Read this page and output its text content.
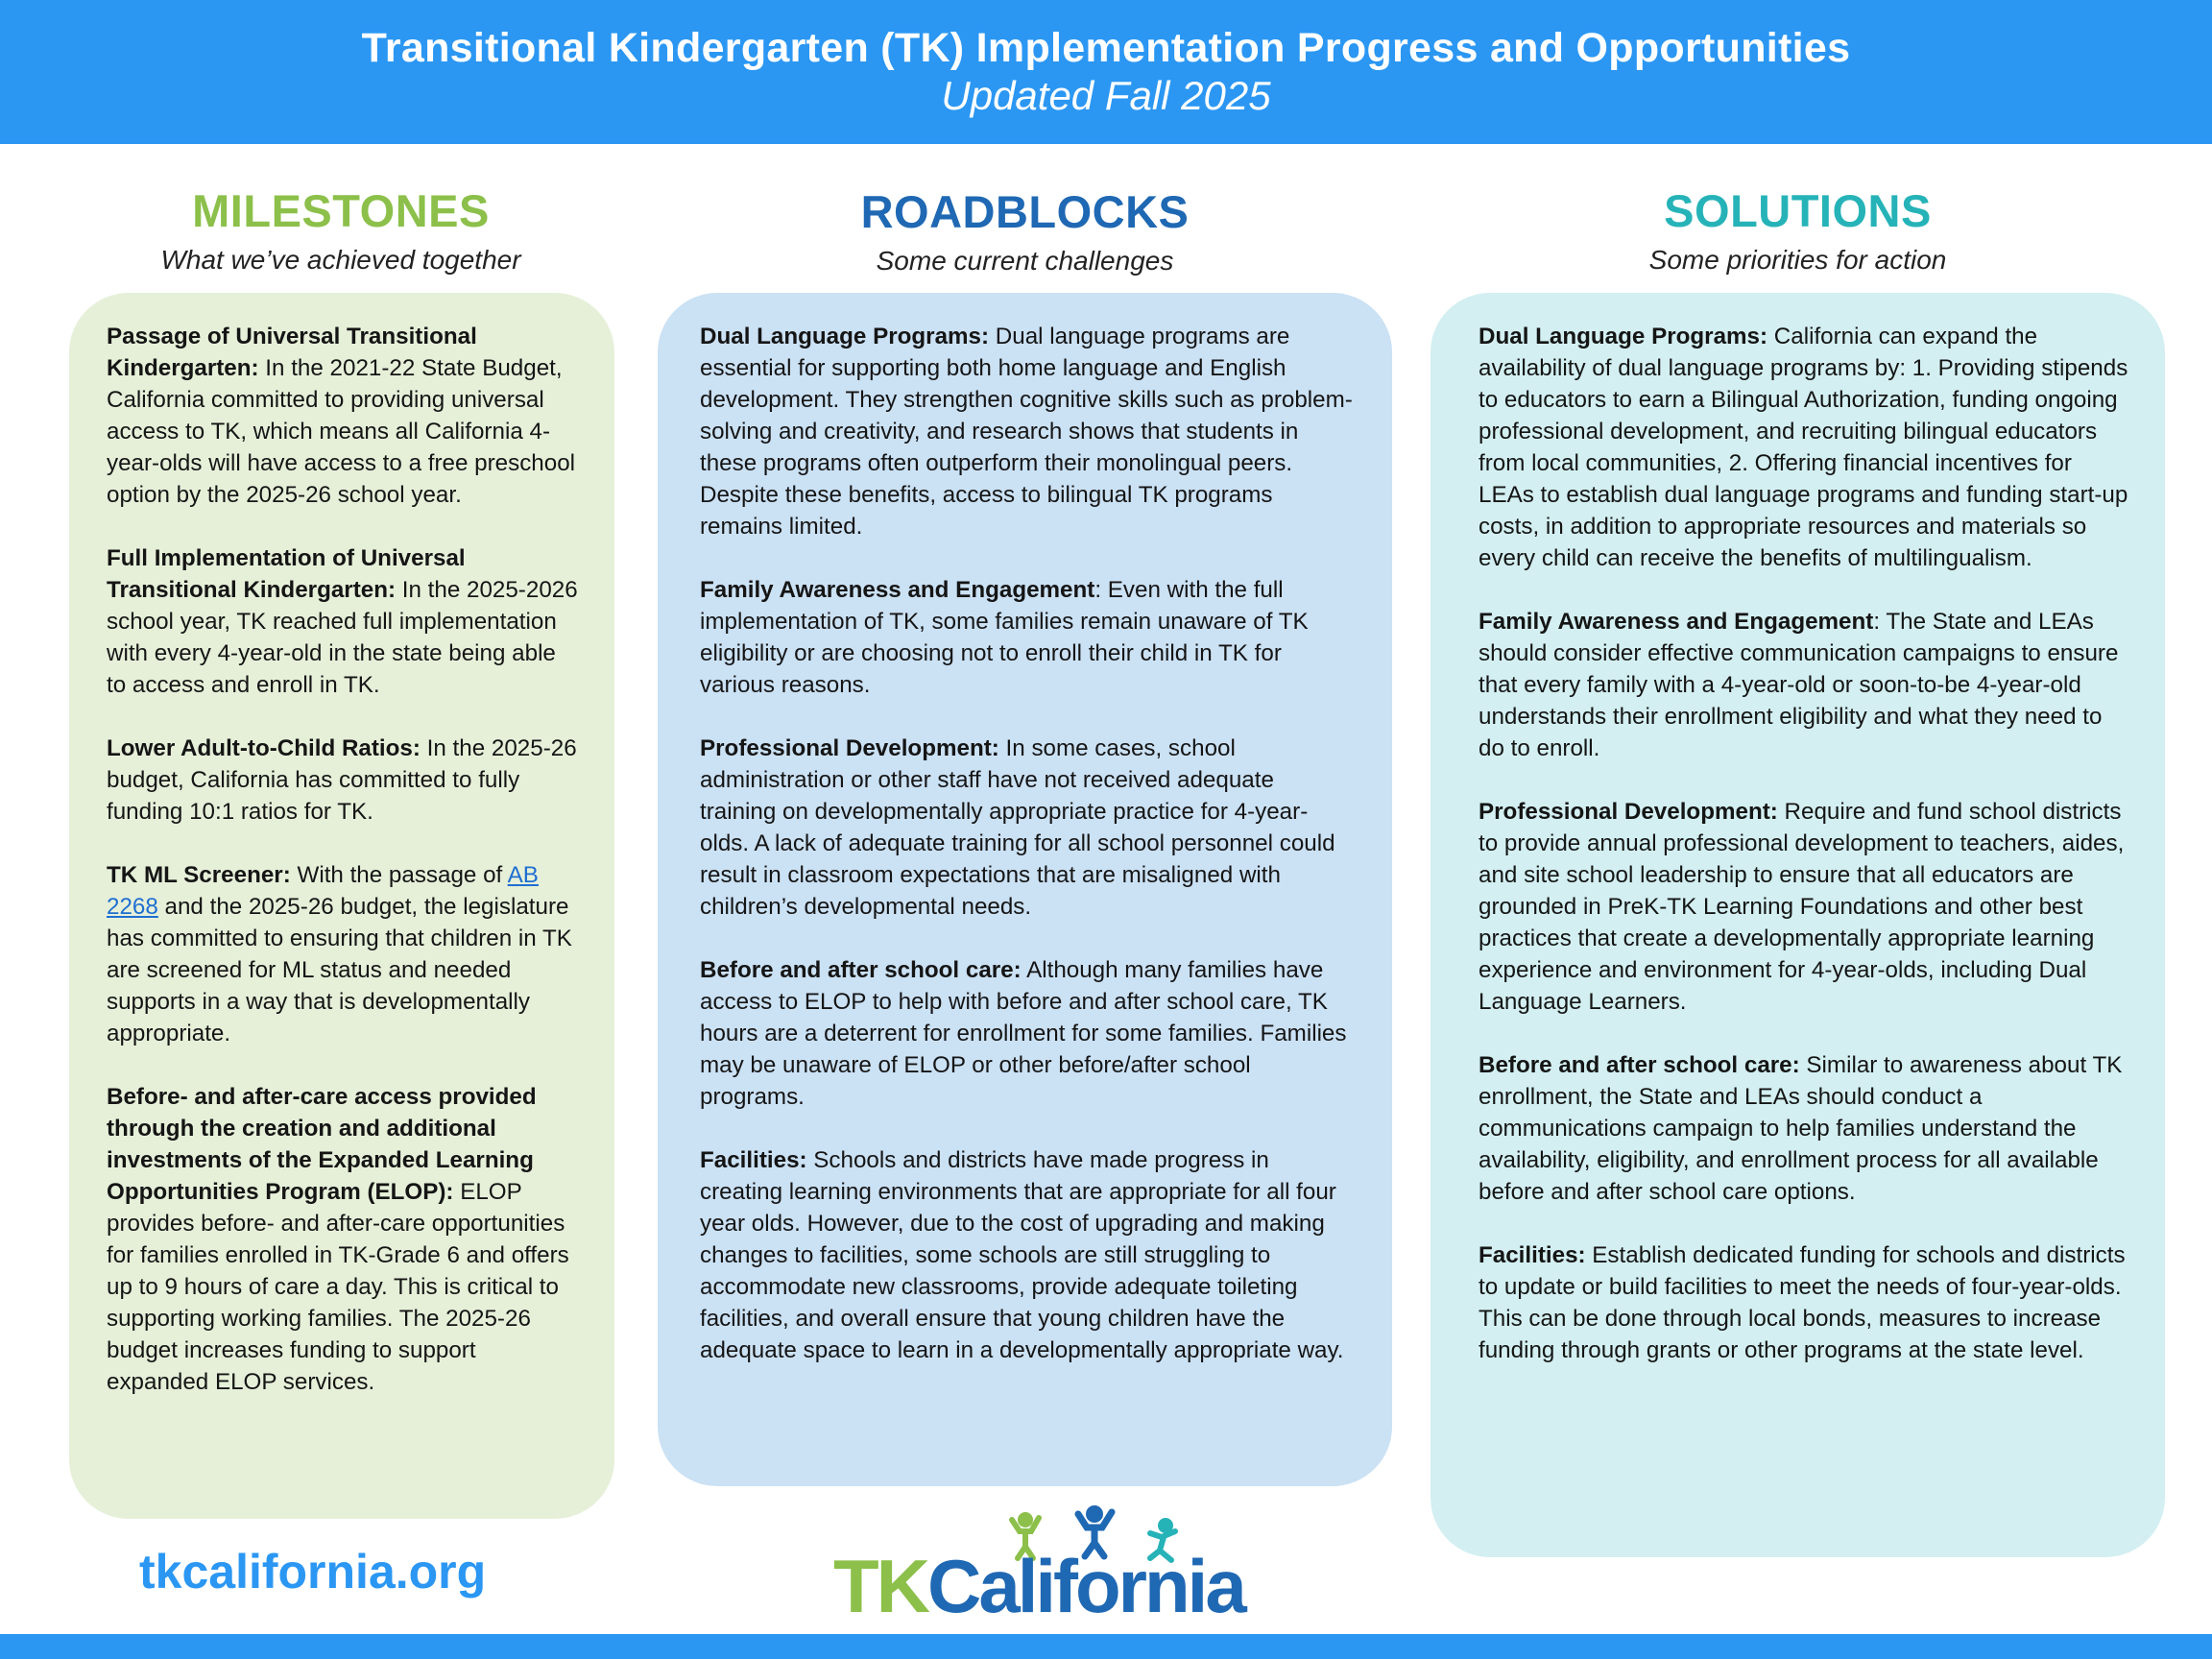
Transitional Kindergarten (TK) Implementation Progress and Opportunities
Updated Fall 2025
MILESTONES
What we’ve achieved together
ROADBLOCKS
Some current challenges
SOLUTIONS
Some priorities for action

Passage of Universal Transitional Kindergarten: In the 2021-22 State Budget, California committed to providing universal access to TK, which means all California 4-year-olds will have access to a free preschool option by the 2025-26 school year.

Full Implementation of Universal Transitional Kindergarten: In the 2025-2026 school year, TK reached full implementation with every 4-year-old in the state being able to access and enroll in TK.

Lower Adult-to-Child Ratios: In the 2025-26 budget, California has committed to fully funding 10:1 ratios for TK.

TK ML Screener: With the passage of AB 2268 and the 2025-26 budget, the legislature has committed to ensuring that children in TK are screened for ML status and needed supports in a way that is developmentally appropriate.

Before- and after-care access provided through the creation and additional investments of the Expanded Learning Opportunities Program (ELOP): ELOP provides before- and after-care opportunities for families enrolled in TK-Grade 6 and offers up to 9 hours of care a day. This is critical to supporting working families. The 2025-26 budget increases funding to support expanded ELOP services.

Dual Language Programs: Dual language programs are essential for supporting both home language and English development. They strengthen cognitive skills such as problem-solving and creativity, and research shows that students in these programs often outperform their monolingual peers. Despite these benefits, access to bilingual TK programs remains limited.

Family Awareness and Engagement: Even with the full implementation of TK, some families remain unaware of TK eligibility or are choosing not to enroll their child in TK for various reasons.

Professional Development: In some cases, school administration or other staff have not received adequate training on developmentally appropriate practice for 4-year-olds. A lack of adequate training for all school personnel could result in classroom expectations that are misaligned with children’s developmental needs.

Before and after school care: Although many families have access to ELOP to help with before and after school care, TK hours are a deterrent for enrollment for some families. Families may be unaware of ELOP or other before/after school programs.

Facilities: Schools and districts have made progress in creating learning environments that are appropriate for all four year olds. However, due to the cost of upgrading and making changes to facilities, some schools are still struggling to accommodate new classrooms, provide adequate toileting facilities, and overall ensure that young children have the adequate space to learn in a developmentally appropriate way.

Dual Language Programs: California can expand the availability of dual language programs by: 1. Providing stipends to educators to earn a Bilingual Authorization, funding ongoing professional development, and recruiting bilingual educators from local communities, 2. Offering financial incentives for LEAs to establish dual language programs and funding start-up costs, in addition to appropriate resources and materials so every child can receive the benefits of multilingualism.

Family Awareness and Engagement: The State and LEAs should consider effective communication campaigns to ensure that every family with a 4-year-old or soon-to-be 4-year-old understands their enrollment eligibility and what they need to do to enroll.

Professional Development: Require and fund school districts to provide annual professional development to teachers, aides, and site school leadership to ensure that all educators are grounded in PreK-TK Learning Foundations and other best practices that create a developmentally appropriate learning experience and environment for 4-year-olds, including Dual Language Learners.

Before and after school care: Similar to awareness about TK enrollment, the State and LEAs should conduct a communications campaign to help families understand the availability, eligibility, and enrollment process for all available before and after school care options.

Facilities: Establish dedicated funding for schools and districts to update or build facilities to meet the needs of four-year-olds. This can be done through local bonds, measures to increase funding through grants or other programs at the state level.

tkcalifornia.org	TKCalifornia
